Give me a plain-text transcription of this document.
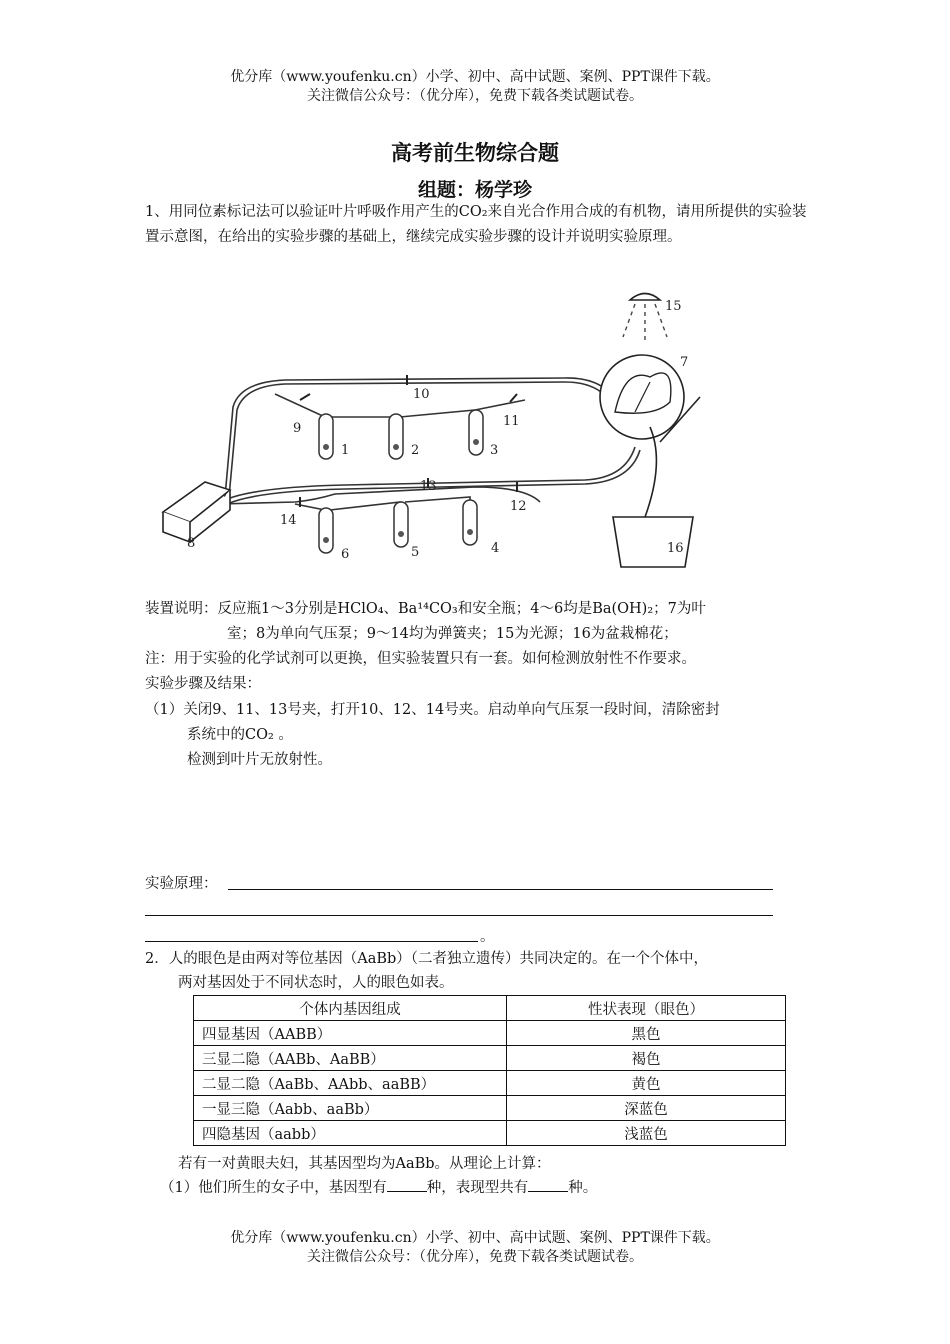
优分库（www.youfenku.cn）小学、初中、高中试题、案例、PPT课件下载。
关注微信公众号：（优分库），免费下载各类试题试卷。
高考前生物综合题
组题：杨学珍
1、用同位素标记法可以验证叶片呼吸作用产生的CO₂来自光合作用合成的有机物，请用所提供的实验装置示意图，在给出的实验步骤的基础上，继续完成实验步骤的设计并说明实验原理。
1	2	3
4
5
6
7
8
9
10
11
12
13
14
15
16
装置说明：反应瓶1～3分别是HClO₄、Ba¹⁴CO₃和安全瓶；4～6均是Ba(OH)₂；7为叶
室；8为单向气压泵；9～14均为弹簧夹；15为光源；16为盆栽棉花；
注：用于实验的化学试剂可以更换，但实验装置只有一套。如何检测放射性不作要求。
实验步骤及结果：
（1）关闭9、11、13号夹，打开10、12、14号夹。启动单向气压泵一段时间，清除密封
系统中的CO₂ 。
检测到叶片无放射性。
实验原理：
。
2．人的眼色是由两对等位基因（AaBb）（二者独立遗传）共同决定的。在一个个体中，
两对基因处于不同状态时，人的眼色如表。
个体内基因组成	性状表现（眼色）
四显基因（AABB）	黑色
三显二隐（AABb、AaBB）	褐色
二显二隐（AaBb、AAbb、aaBB）	黄色
一显三隐（Aabb、aaBb）	深蓝色
四隐基因（aabb）	浅蓝色
若有一对黄眼夫妇，其基因型均为AaBb。从理论上计算：
（1）他们所生的女子中，基因型有	种，表现型共有	种。
优分库（www.youfenku.cn）小学、初中、高中试题、案例、PPT课件下载。
关注微信公众号：（优分库），免费下载各类试题试卷。
